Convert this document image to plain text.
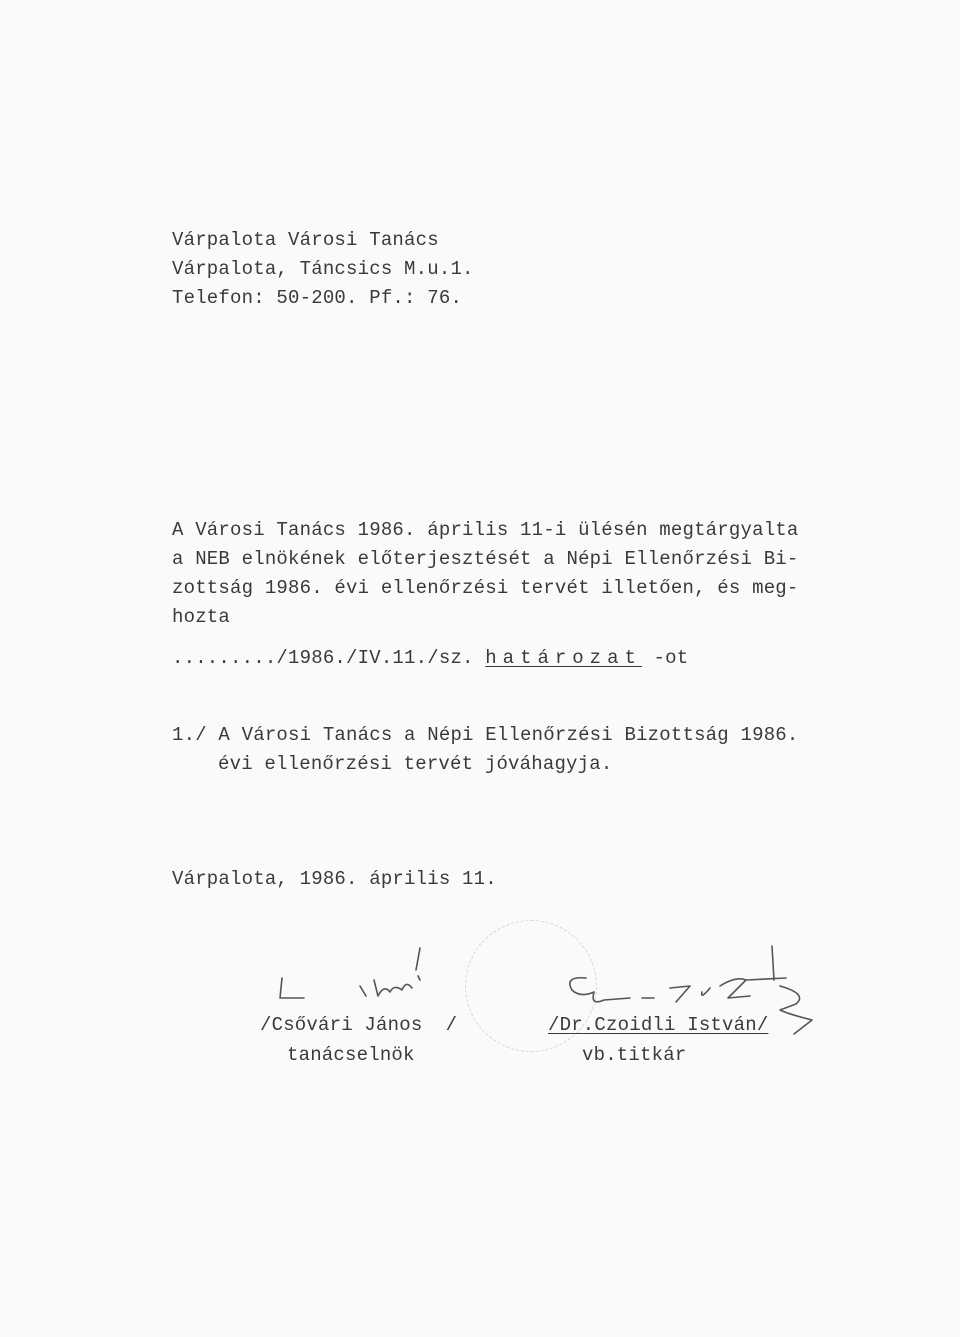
Várpalota Városi Tanács
Várpalota, Táncsics M.u.1.
Telefon: 50-200. Pf.: 76.
A Városi Tanács 1986. április 11-i ülésén megtárgyalta
a NEB elnökének előterjesztését a Népi Ellenőrzési Bi-
zottság 1986. évi ellenőrzési tervét illetően, és meg-
hozta
........./1986./IV.11./sz. határozat -ot
1./ A Városi Tanács a Népi Ellenőrzési Bizottság 1986.
évi ellenőrzési tervét jóváhagyja.
Várpalota, 1986. április 11.
/Csővári János  /
tanácselnök
/Dr.Czoidli István/
vb.titkár
